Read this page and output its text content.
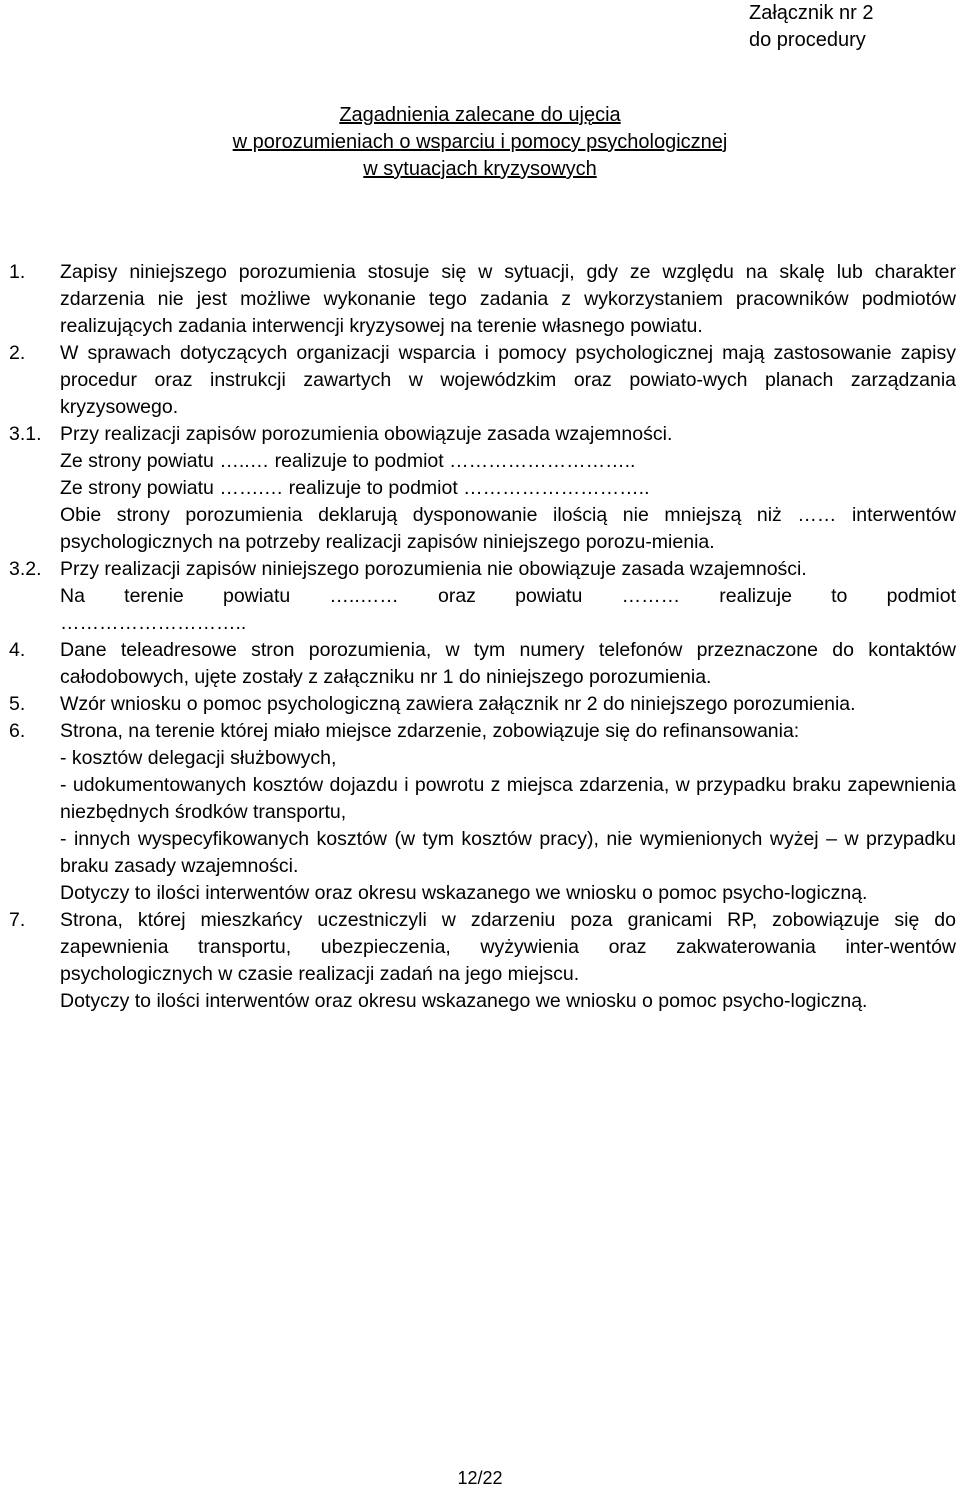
Załącznik nr 2
do procedury
Zagadnienia zalecane do ujęcia
w porozumieniach o wsparciu i pomocy psychologicznej
w sytuacjach kryzysowych
1.	Zapisy niniejszego porozumienia stosuje się w sytuacji, gdy ze względu na skalę lub charakter zdarzenia nie jest możliwe wykonanie tego zadania z wykorzystaniem pracowników podmiotów realizujących zadania interwencji kryzysowej na terenie własnego powiatu.
2.	W sprawach dotyczących organizacji wsparcia i pomocy psychologicznej mają zastosowanie zapisy procedur oraz instrukcji zawartych w wojewódzkim oraz powiato-wych planach zarządzania kryzysowego.
3.1. Przy realizacji zapisów porozumienia obowiązuje zasada wzajemności.
Ze strony powiatu …..… realizuje to podmiot ………………………..
Ze strony powiatu …….… realizuje to podmiot ………………………..
Obie strony porozumienia deklarują dysponowanie ilością nie mniejszą niż …… interwentów psychologicznych na potrzeby realizacji zapisów niniejszego porozu-mienia.
3.2. Przy realizacji zapisów niniejszego porozumienia nie obowiązuje zasada wzajemności.
Na terenie powiatu …..…… oraz powiatu ……… realizuje to podmiot
………………………..
4.	Dane teleadresowe stron porozumienia, w tym numery telefonów przeznaczone do kontaktów całodobowych, ujęte zostały z załączniku nr 1 do niniejszego porozumienia.
5.	Wzór wniosku o pomoc psychologiczną zawiera załącznik nr 2 do niniejszego porozumienia.
6.	Strona, na terenie której miało miejsce zdarzenie, zobowiązuje się do refinansowania:
- kosztów delegacji służbowych,
- udokumentowanych kosztów dojazdu i powrotu z miejsca zdarzenia, w przypadku braku zapewnienia niezbędnych środków transportu,
- innych wyspecyfikowanych kosztów (w tym kosztów pracy), nie wymienionych wyżej – w przypadku braku zasady wzajemności.
Dotyczy to ilości interwentów oraz okresu wskazanego we wniosku o pomoc psycho-logiczną.
7.	Strona, której mieszkańcy uczestniczyli w zdarzeniu poza granicami RP, zobowiązuje się do zapewnienia transportu, ubezpieczenia, wyżywienia oraz zakwaterowania inter-wentów psychologicznych w czasie realizacji zadań na jego miejscu.
Dotyczy to ilości interwentów oraz okresu wskazanego we wniosku o pomoc psycho-logiczną.
12/22
